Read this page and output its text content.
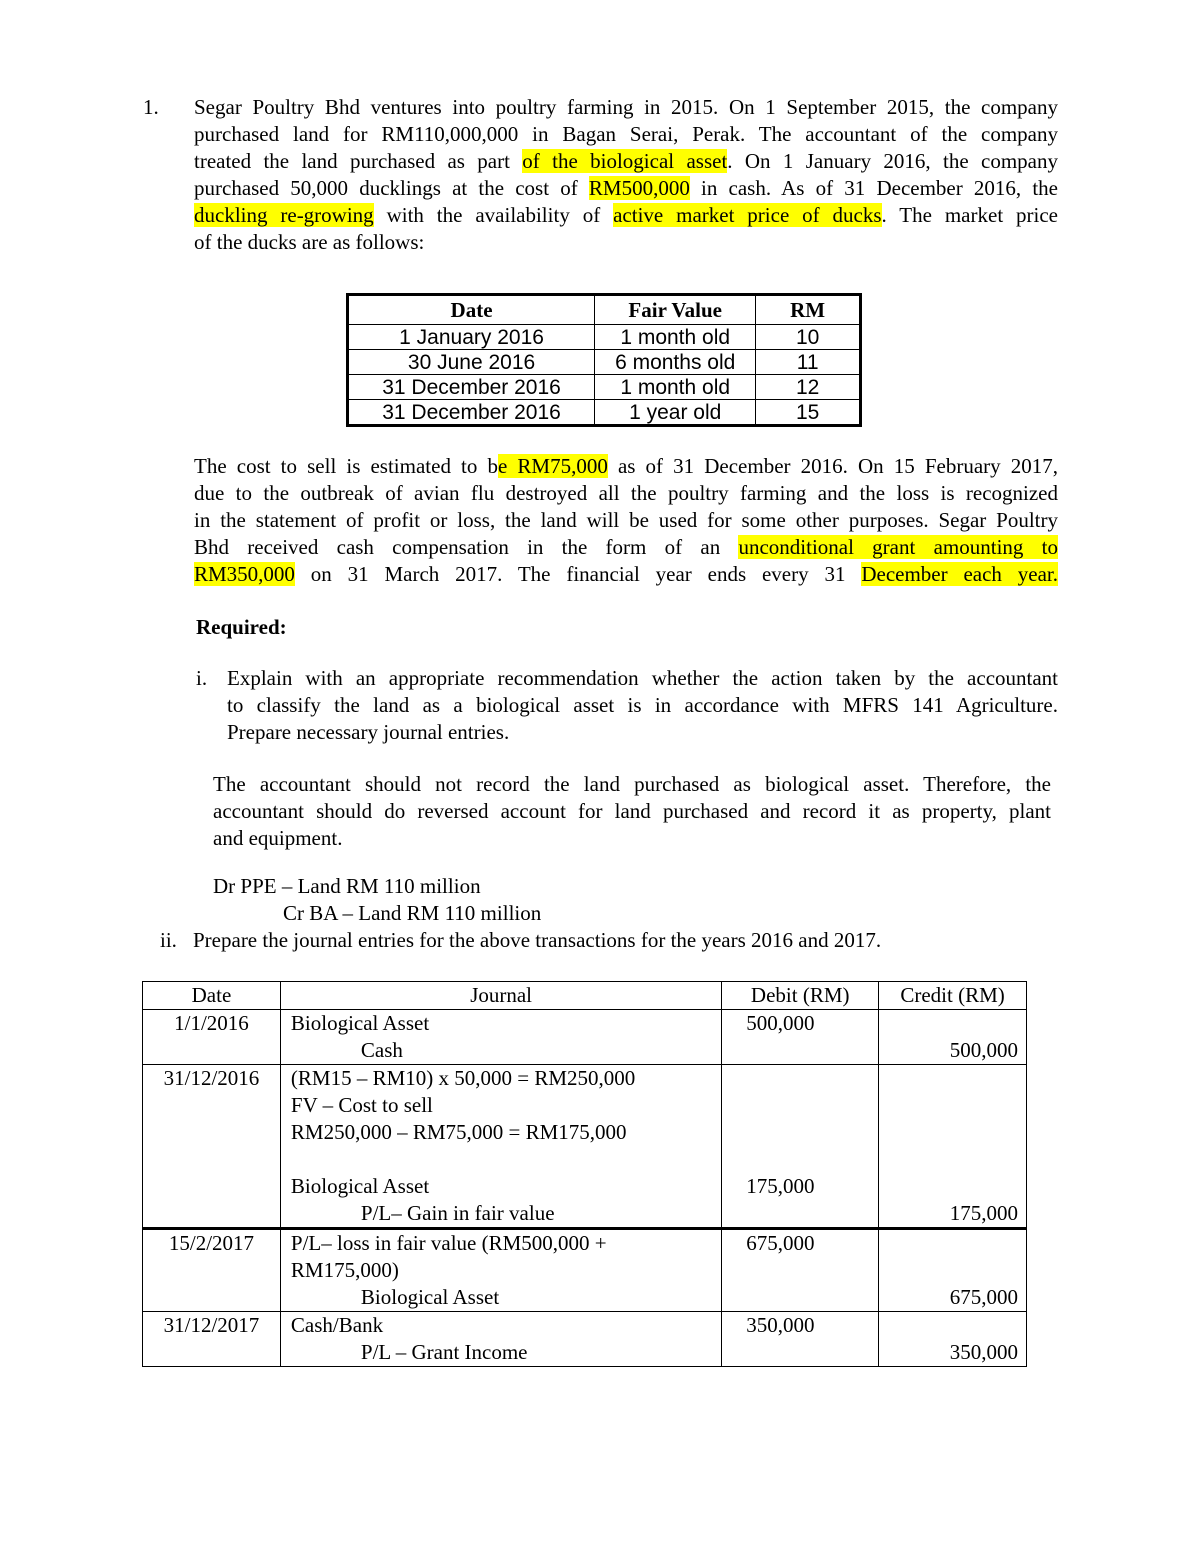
1. Segar Poultry Bhd ventures into poultry farming in 2015. On 1 September 2015, the company
purchased land for RM110,000,000 in Bagan Serai, Perak. The accountant of the company
treated the land purchased as part of the biological asset. On 1 January 2016, the company
purchased 50,000 ducklings at the cost of RM500,000 in cash. As of 31 December 2016, the
duckling re-growing with the availability of active market price of ducks. The market price
of the ducks are as follows:
Date	Fair Value	RM
1 January 2016	1 month old	10
30 June 2016	6 months old	11
31 December 2016	1 month old	12
31 December 2016	1 year old	15
The cost to sell is estimated to be RM75,000 as of 31 December 2016. On 15 February 2017,
due to the outbreak of avian flu destroyed all the poultry farming and the loss is recognized
in the statement of profit or loss, the land will be used for some other purposes. Segar Poultry
Bhd received cash compensation in the form of an unconditional grant amounting to
RM350,000 on 31 March 2017. The financial year ends every 31 December each year.
Required:
i. Explain with an appropriate recommendation whether the action taken by the accountant
to classify the land as a biological asset is in accordance with MFRS 141 Agriculture.
Prepare necessary journal entries.
The accountant should not record the land purchased as biological asset. Therefore, the
accountant should do reversed account for land purchased and record it as property, plant
and equipment.
Dr PPE – Land RM 110 million
Cr BA – Land RM 110 million
ii. Prepare the journal entries for the above transactions for the years 2016 and 2017.
Date	Journal	Debit (RM)	Credit (RM)
1/1/2016	Biological Asset
Cash	500,000	500,000

31/12/2016	(RM15 – RM10) x 50,000 = RM250,000
FV – Cost to sell
RM250,000 – RM75,000 = RM175,000
Biological Asset
P/L– Gain in fair value	175,000	175,000

15/2/2017	P/L– loss in fair value (RM500,000 +
RM175,000)
Biological Asset	675,000	675,000

31/12/2017	Cash/Bank
P/L – Grant Income	350,000	350,000
